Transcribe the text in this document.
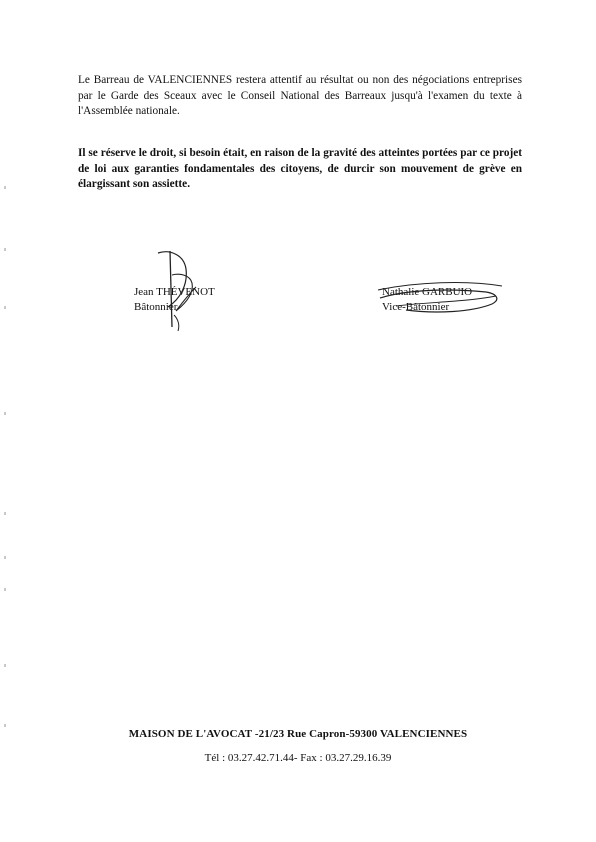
Le Barreau de VALENCIENNES restera attentif au résultat ou non des négociations entreprises par le Garde des Sceaux avec le Conseil National des Barreaux jusqu'à l'examen du texte à l'Assemblée nationale.

Il se réserve le droit, si besoin était, en raison de la gravité des atteintes portées par ce projet de loi aux garanties fondamentales des citoyens, de durcir son mouvement de grève en élargissant son assiette.

Jean THÉVENOT
Bâtonnier
Nathalie GARBUIO
Vice-Bâtonnier
MAISON DE L'AVOCAT -21/23 Rue Capron-59300 VALENCIENNES
Tél : 03.27.42.71.44- Fax : 03.27.29.16.39
